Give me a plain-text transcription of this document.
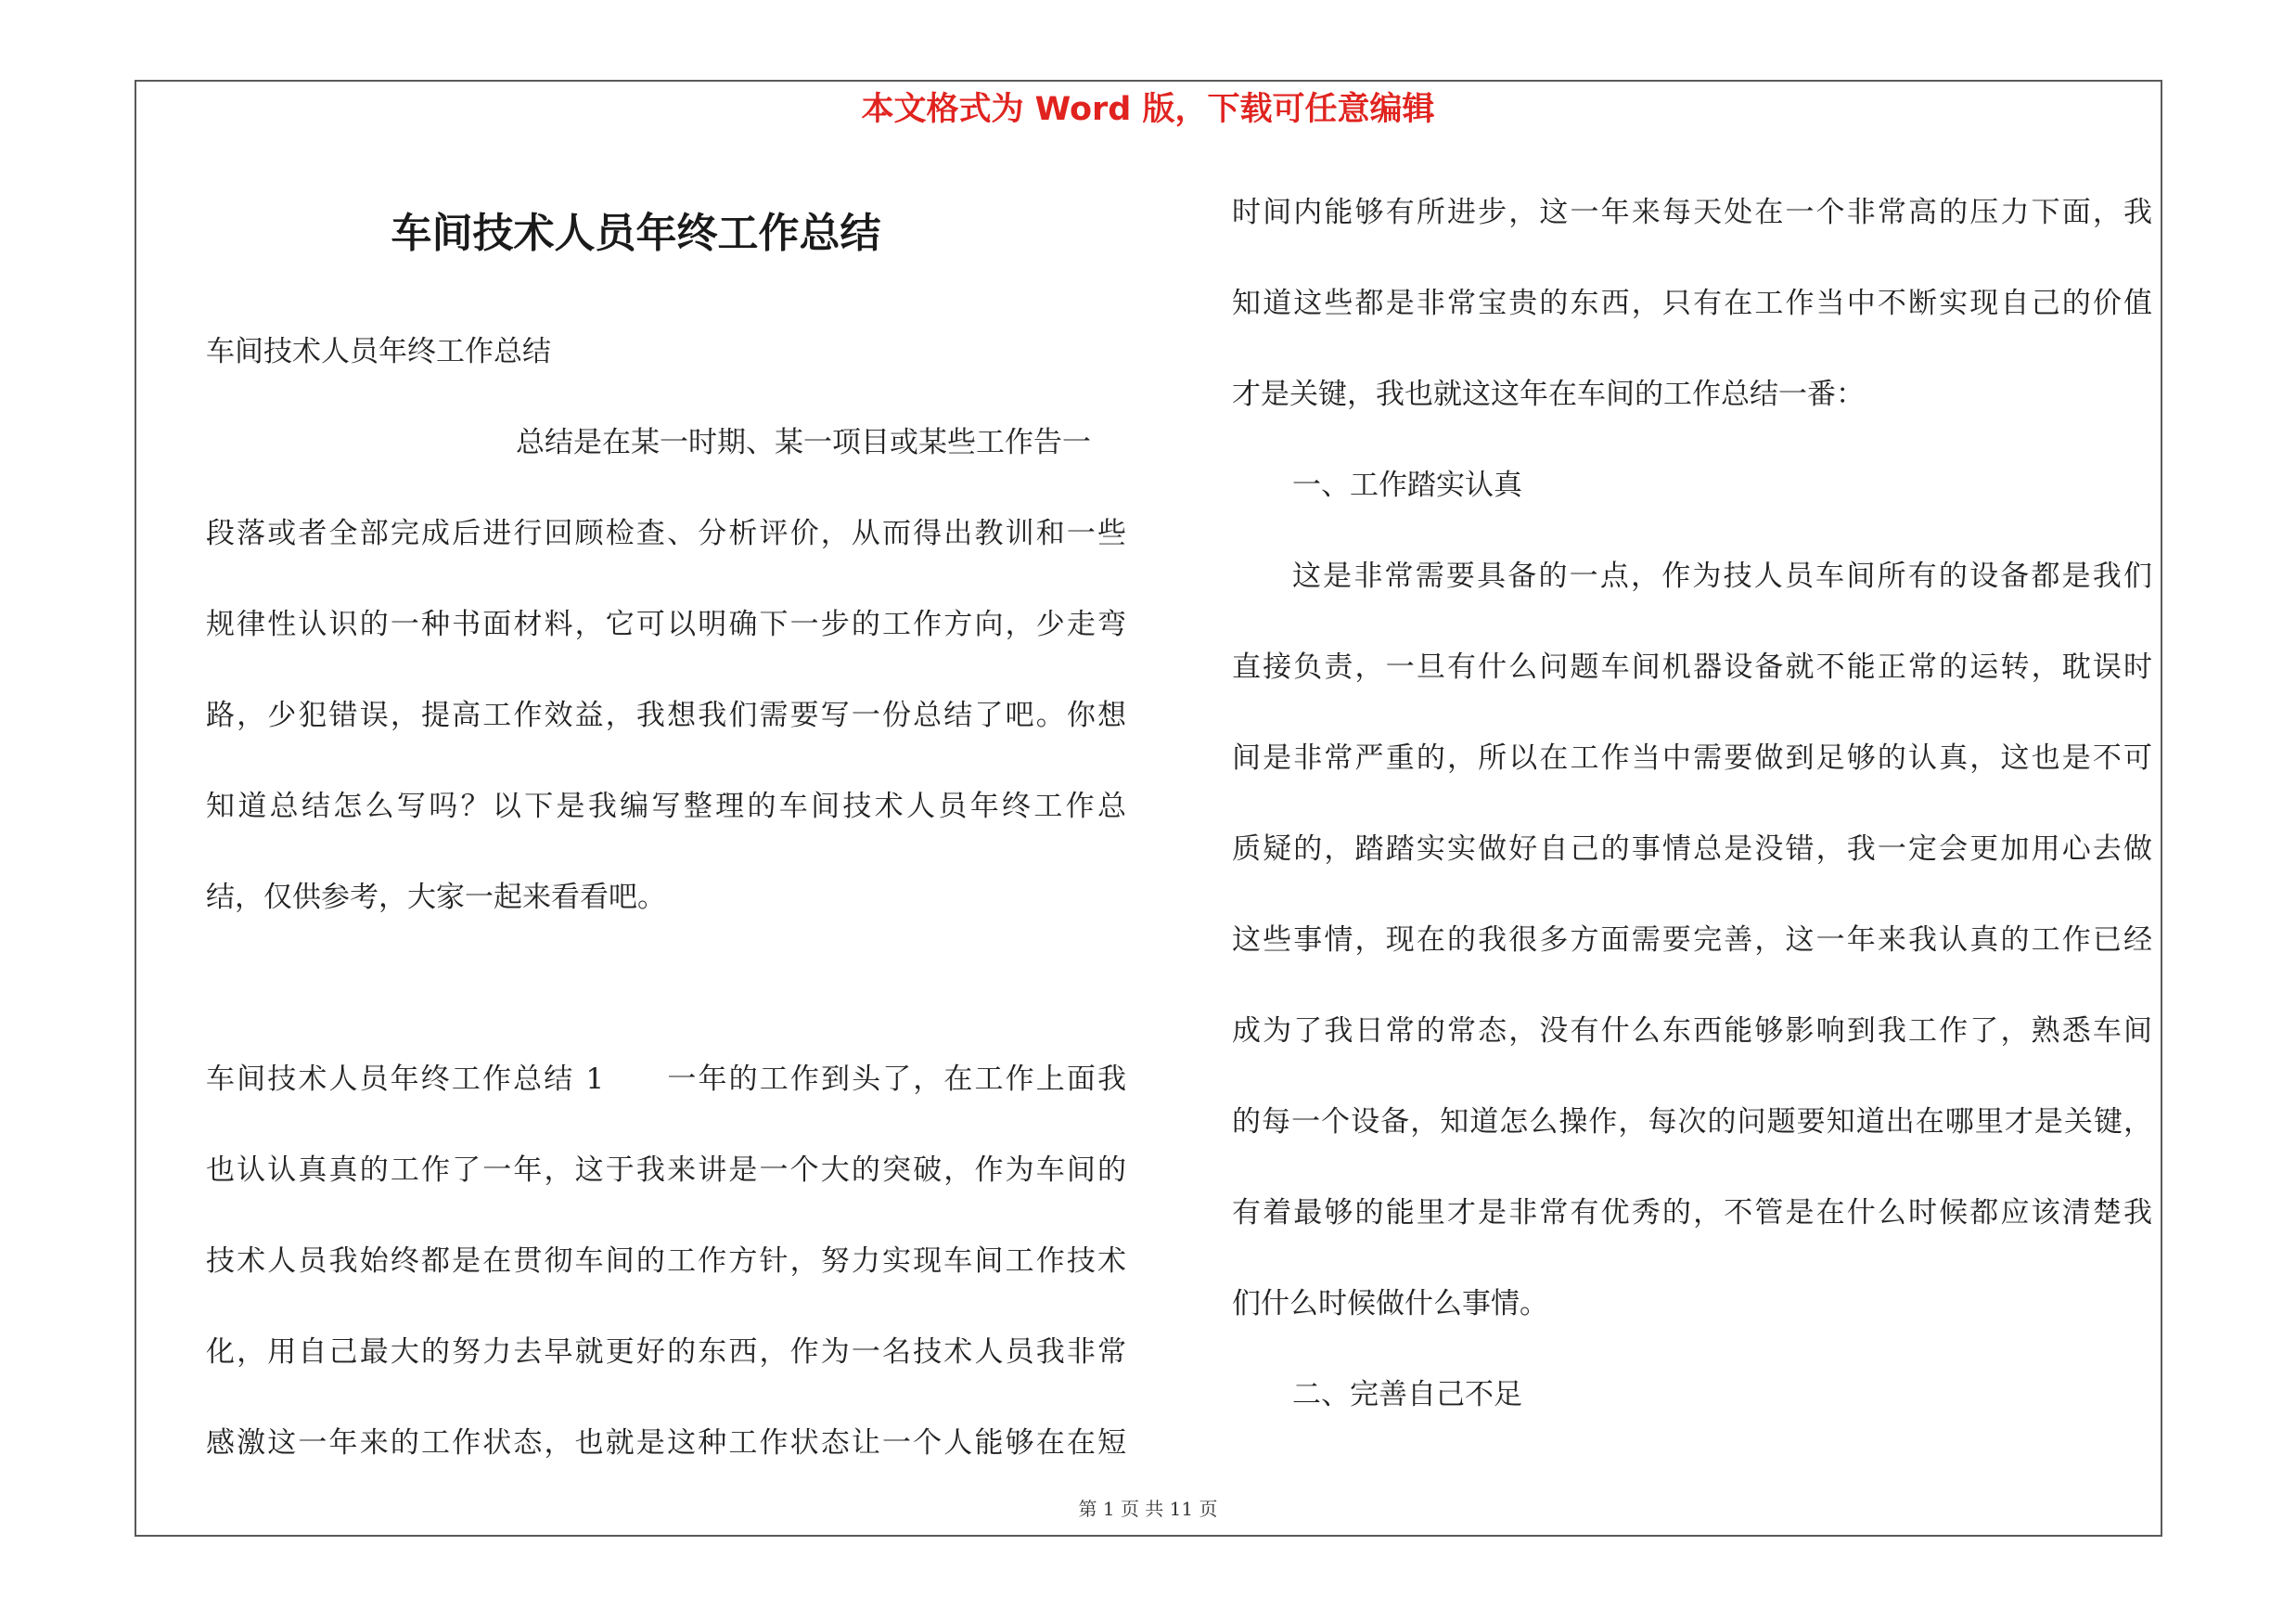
本文格式为 Word 版，下载可任意编辑
车间技术人员年终工作总结
车间技术人员年终工作总结
总结是在某一时期、某一项目或某些工作告一
段落或者全部完成后进行回顾检查、分析评价，从而得出教训和一些
规律性认识的一种书面材料，它可以明确下一步的工作方向，少走弯
路，少犯错误，提高工作效益，我想我们需要写一份总结了吧。你想
知道总结怎么写吗？以下是我编写整理的车间技术人员年终工作总
结，仅供参考，大家一起来看看吧。
车间技术人员年终工作总结 1　　一年的工作到头了，在工作上面我
也认认真真的工作了一年，这于我来讲是一个大的突破，作为车间的
技术人员我始终都是在贯彻车间的工作方针，努力实现车间工作技术
化，用自己最大的努力去早就更好的东西，作为一名技术人员我非常
感激这一年来的工作状态，也就是这种工作状态让一个人能够在在短
时间内能够有所进步，这一年来每天处在一个非常高的压力下面，我
知道这些都是非常宝贵的东西，只有在工作当中不断实现自己的价值
才是关键，我也就这这年在车间的工作总结一番：
一、工作踏实认真
这是非常需要具备的一点，作为技人员车间所有的设备都是我们
直接负责，一旦有什么问题车间机器设备就不能正常的运转，耽误时
间是非常严重的，所以在工作当中需要做到足够的认真，这也是不可
质疑的，踏踏实实做好自己的事情总是没错，我一定会更加用心去做
这些事情，现在的我很多方面需要完善，这一年来我认真的工作已经
成为了我日常的常态，没有什么东西能够影响到我工作了，熟悉车间
的每一个设备，知道怎么操作，每次的问题要知道出在哪里才是关键，
有着最够的能里才是非常有优秀的，不管是在什么时候都应该清楚我
们什么时候做什么事情。
二、完善自己不足
第 1 页 共 11 页
